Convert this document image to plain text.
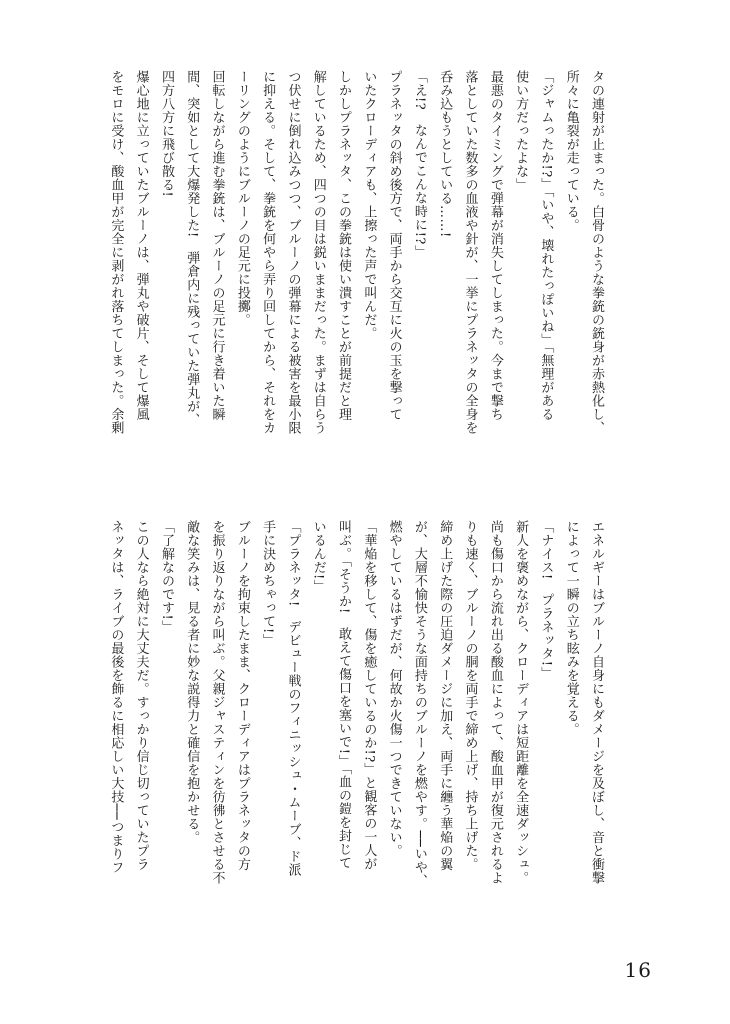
タの連射が止まった。白骨のような拳銃の銃身が赤熱化し、
所々に亀裂が走っている。
「ジャムったか!?」「いや、壊れたっぽいね」「無理がある
使い方だったよな」
最悪のタイミングで弾幕が消失してしまった。今まで撃ち
落としていた数多の血液や針が、一挙にプラネッタの全身を
呑み込もうとしている……!
「え!?　なんでこんな時に!?」
プラネッタの斜め後方で、両手から交互に火の玉を撃って
いたクローディアも、上擦った声で叫んだ。
しかしプラネッタ、この拳銃は使い潰すことが前提だと理
解しているため、四つの目は鋭いままだった。まずは自らう
つ伏せに倒れ込みつつ、ブルーノの弾幕による被害を最小限
に抑える。そして、拳銃を何やら弄り回してから、それをカ
ーリングのようにブルーノの足元に投擲。
回転しながら進む拳銃は、ブルーノの足元に行き着いた瞬
間、突如として大爆発した!　弾倉内に残っていた弾丸が、
四方八方に飛び散る!
爆心地に立っていたブルーノは、弾丸や破片、そして爆風
をモロに受け、酸血甲が完全に剥がれ落ちてしまった。余剰
エネルギーはブルーノ自身にもダメージを及ぼし、音と衝撃
によって一瞬の立ち眩みを覚える。
「ナイス!　プラネッタ!」
新人を褒めながら、クローディアは短距離を全速ダッシュ。
尚も傷口から流れ出る酸血によって、酸血甲が復元されるよ
りも速く、ブルーノの胴を両手で締め上げ、持ち上げた。
締め上げた際の圧迫ダメージに加え、両手に纏う華焔の翼
が、大層不愉快そうな面持ちのブルーノを燃やす。──いや、
燃やしているはずだが、何故か火傷一つできていない。
「華焔を移して、傷を癒しているのか!?」と観客の一人が
叫ぶ。「そうか!　敢えて傷口を塞いで!」「血の鎧を封じて
いるんだ!」
「プラネッタ!　デビュー戦のフィニッシュ・ムーブ、ド派
手に決めちゃって!」
ブルーノを拘束したまま、クローディアはプラネッタの方
を振り返りながら叫ぶ。父親ジャスティンを彷彿とさせる不
敵な笑みは、見る者に妙な説得力と確信を抱かせる。
「了解なのです!」
この人なら絶対に大丈夫だ。すっかり信じ切っていたプラ
ネッタは、ライブの最後を飾るに相応しい大技──つまりフ
16
